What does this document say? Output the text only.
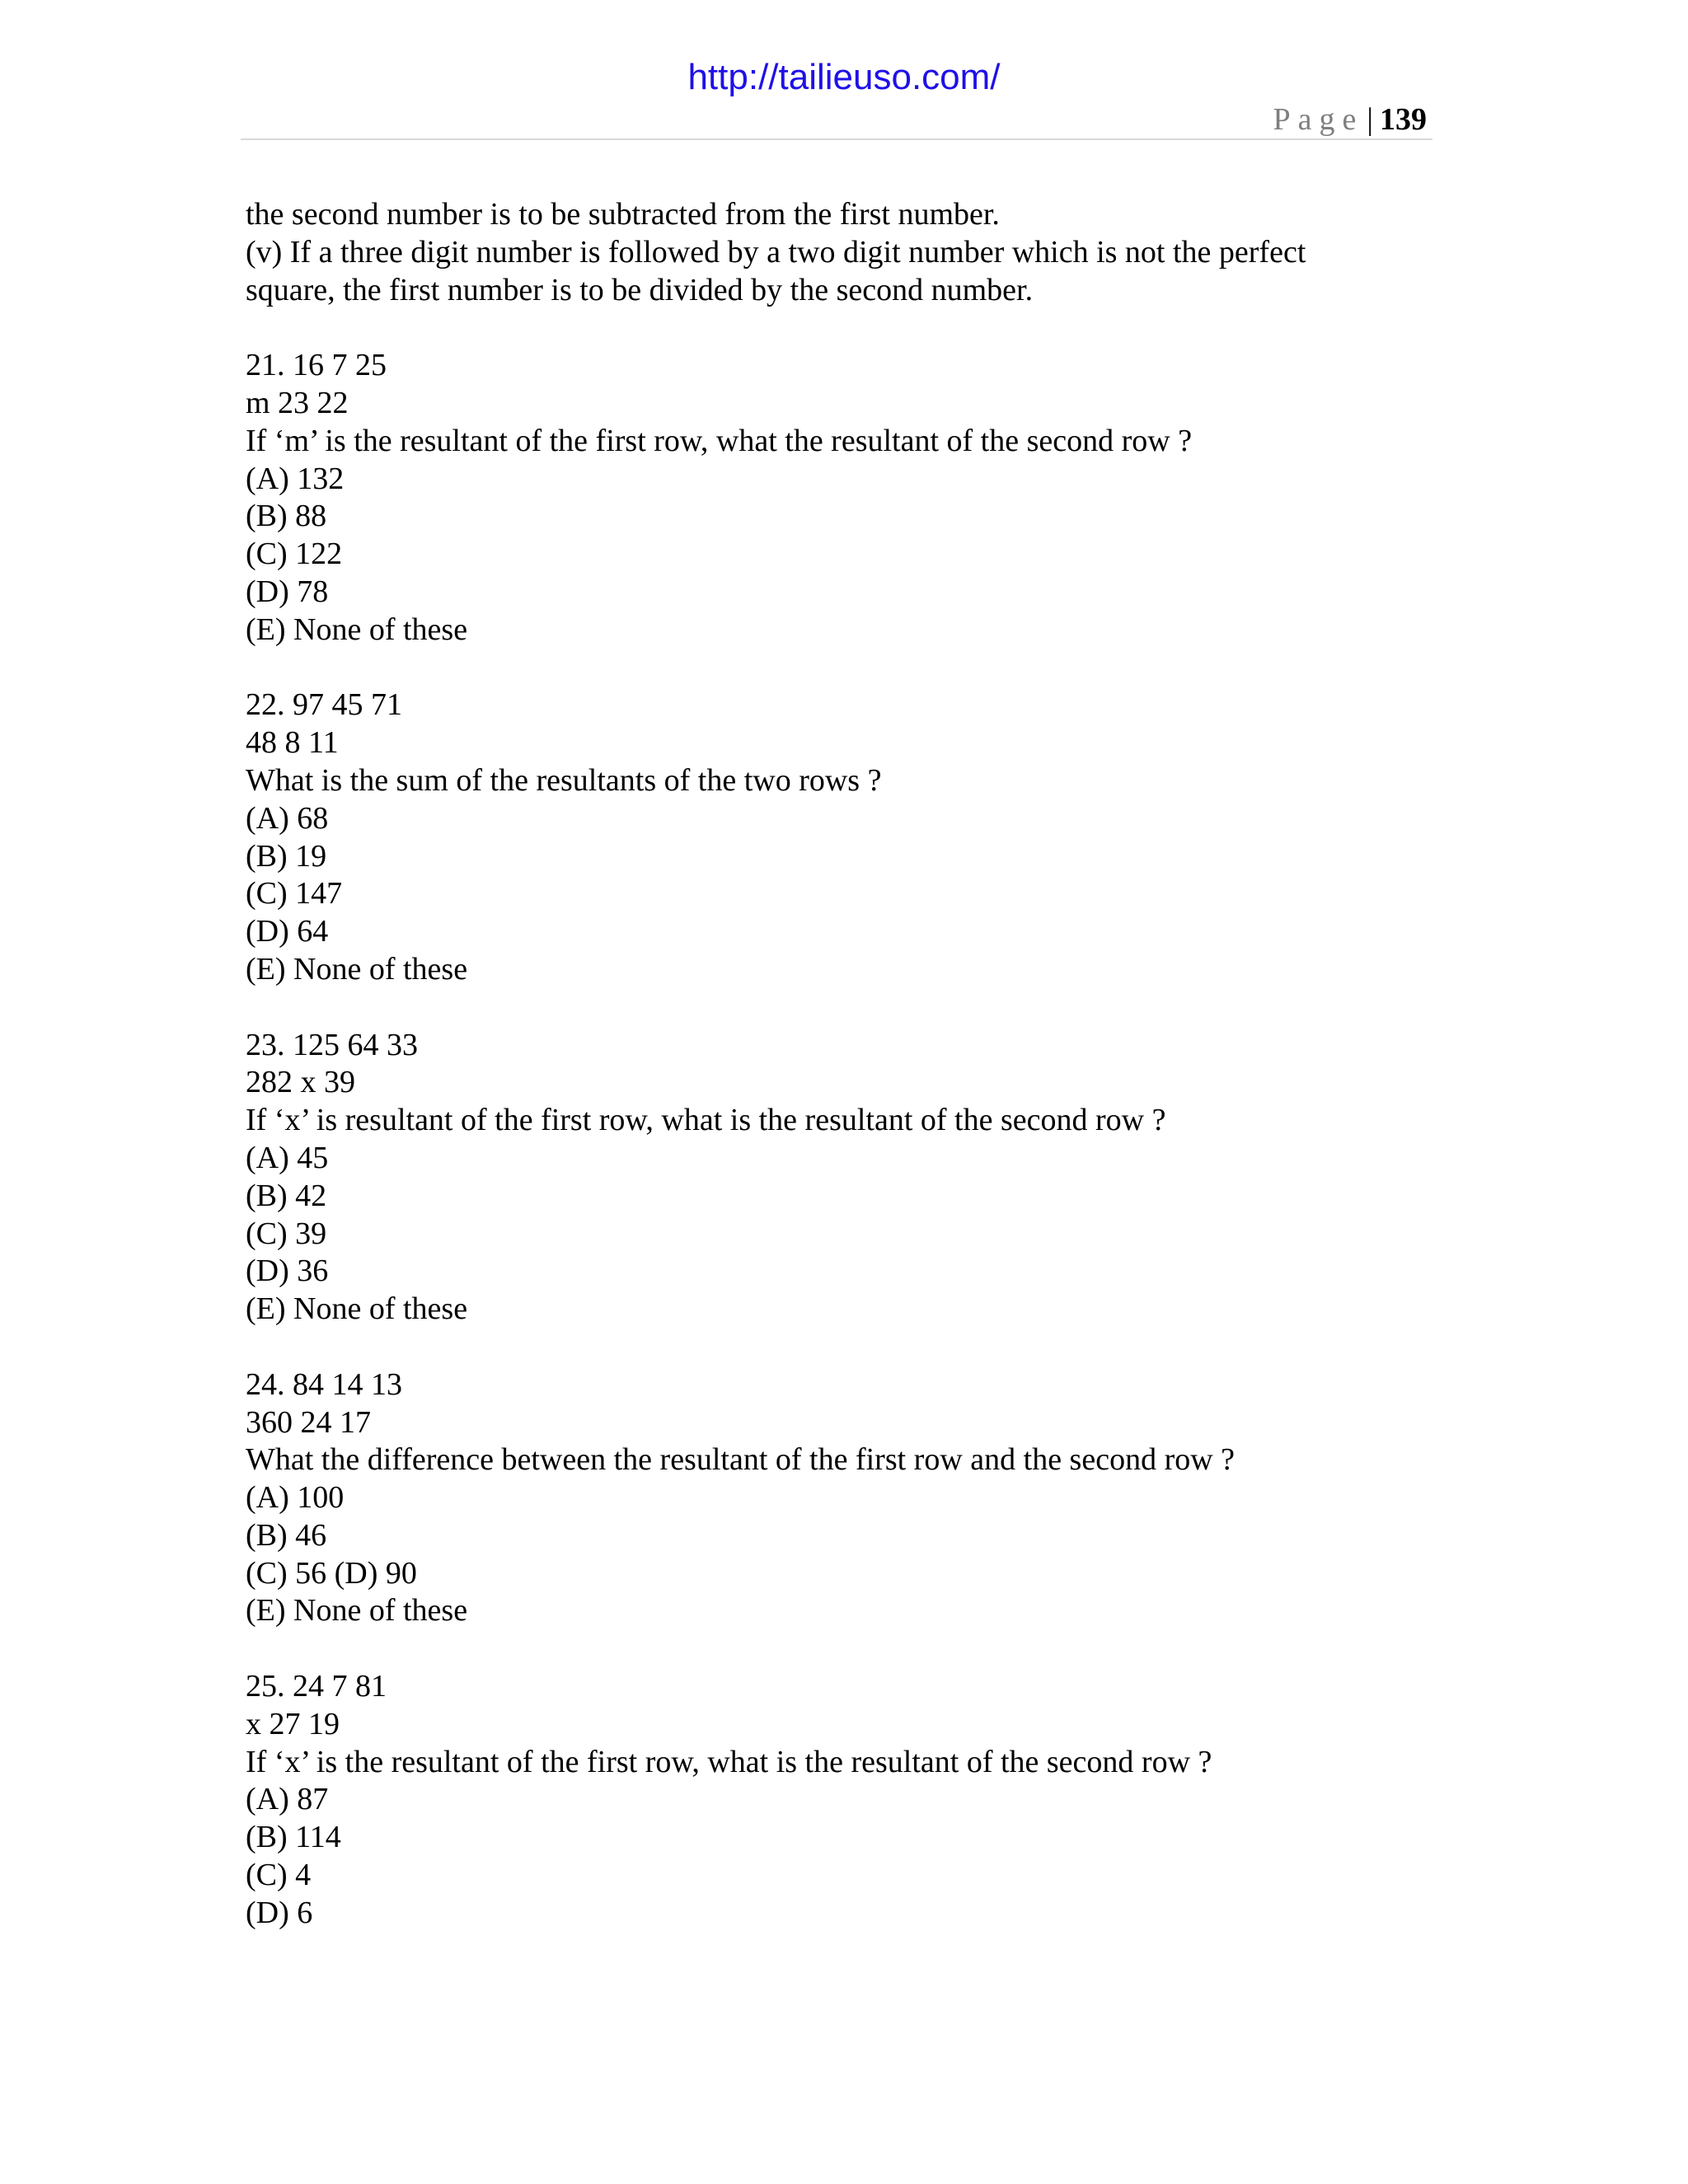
http://tailieuso.com/
Page | 139
the second number is to be subtracted from the first number.
(v) If a three digit number is followed by a two digit number which is not the perfect
square, the first number is to be divided by the second number.
21. 16 7 25
m 23 22
If ‘m’ is the resultant of the first row, what the resultant of the second row ?
(A) 132
(B) 88
(C) 122
(D) 78
(E) None of these
22. 97 45 71
48 8 11
What is the sum of the resultants of the two rows ?
(A) 68
(B) 19
(C) 147
(D) 64
(E) None of these
23. 125 64 33
282 x 39
If ‘x’ is resultant of the first row, what is the resultant of the second row ?
(A) 45
(B) 42
(C) 39
(D) 36
(E) None of these
24. 84 14 13
360 24 17
What the difference between the resultant of the first row and the second row ?
(A) 100
(B) 46
(C) 56 (D) 90
(E) None of these
25. 24 7 81
x 27 19
If ‘x’ is the resultant of the first row, what is the resultant of the second row ?
(A) 87
(B) 114
(C) 4
(D) 6
